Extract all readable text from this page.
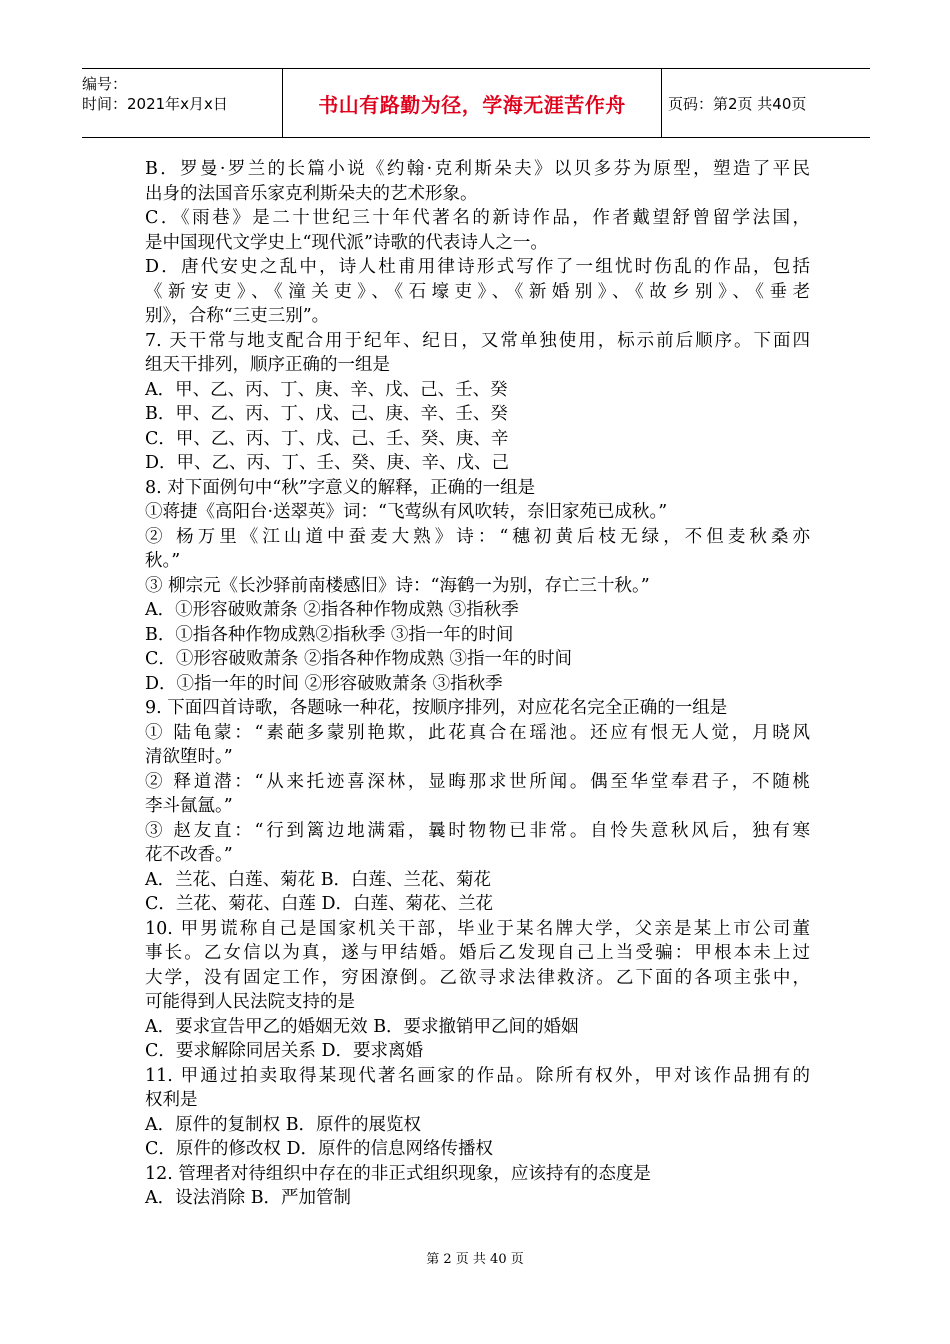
编号：
时间：2021年x月x日	书山有路勤为径，学海无涯苦作舟	页码：第2页 共40页
B．罗曼·罗兰的长篇小说《约翰·克利斯朵夫》以贝多芬为原型，塑造了平民
出身的法国音乐家克利斯朵夫的艺术形象。
C．《雨巷》是二十世纪三十年代著名的新诗作品，作者戴望舒曾留学法国，
是中国现代文学史上“现代派”诗歌的代表诗人之一。
D．唐代安史之乱中，诗人杜甫用律诗形式写作了一组忧时伤乱的作品，包括
《新安吏》、《潼关吏》、《石壕吏》、《新婚别》、《故乡别》、《垂老
别》，合称“三吏三别”。
7. 天干常与地支配合用于纪年、纪日，又常单独使用，标示前后顺序。下面四
组天干排列，顺序正确的一组是
A．甲、乙、丙、丁、庚、辛、戊、己、壬、癸
B．甲、乙、丙、丁、戊、己、庚、辛、壬、癸
C．甲、乙、丙、丁、戊、己、壬、癸、庚、辛
D．甲、乙、丙、丁、壬、癸、庚、辛、戊、己
8. 对下面例句中“秋”字意义的解释，正确的一组是
①蒋捷《高阳台·送翠英》词：“飞莺纵有风吹转，奈旧家苑已成秋。”
② 杨万里《江山道中蚕麦大熟》诗：“穗初黄后枝无绿，不但麦秋桑亦
秋。”
③ 柳宗元《长沙驿前南楼感旧》诗：“海鹤一为别，存亡三十秋。”
A．①形容破败萧条 ②指各种作物成熟 ③指秋季
B．①指各种作物成熟②指秋季 ③指一年的时间
C．①形容破败萧条 ②指各种作物成熟 ③指一年的时间
D．①指一年的时间 ②形容破败萧条 ③指秋季
9. 下面四首诗歌，各题咏一种花，按顺序排列，对应花名完全正确的一组是
① 陆龟蒙：“素葩多蒙别艳欺，此花真合在瑶池。还应有恨无人觉，月晓风
清欲堕时。”
② 释道潜：“从来托迹喜深林，显晦那求世所闻。偶至华堂奉君子，不随桃
李斗氤氲。”
③ 赵友直：“行到篱边地满霜，曩时物物已非常。自怜失意秋风后，独有寒
花不改香。”
A．兰花、白莲、菊花 B．白莲、兰花、菊花
C．兰花、菊花、白莲 D．白莲、菊花、兰花
10. 甲男谎称自己是国家机关干部，毕业于某名牌大学，父亲是某上市公司董
事长。乙女信以为真，遂与甲结婚。婚后乙发现自己上当受骗：甲根本未上过
大学，没有固定工作，穷困潦倒。乙欲寻求法律救济。乙下面的各项主张中，
可能得到人民法院支持的是
A．要求宣告甲乙的婚姻无效 B．要求撤销甲乙间的婚姻
C．要求解除同居关系 D．要求离婚
11. 甲通过拍卖取得某现代著名画家的作品。除所有权外，甲对该作品拥有的
权利是
A．原件的复制权 B．原件的展览权
C．原件的修改权 D．原件的信息网络传播权
12. 管理者对待组织中存在的非正式组织现象，应该持有的态度是
A．设法消除 B．严加管制
第 2 页 共 40 页
